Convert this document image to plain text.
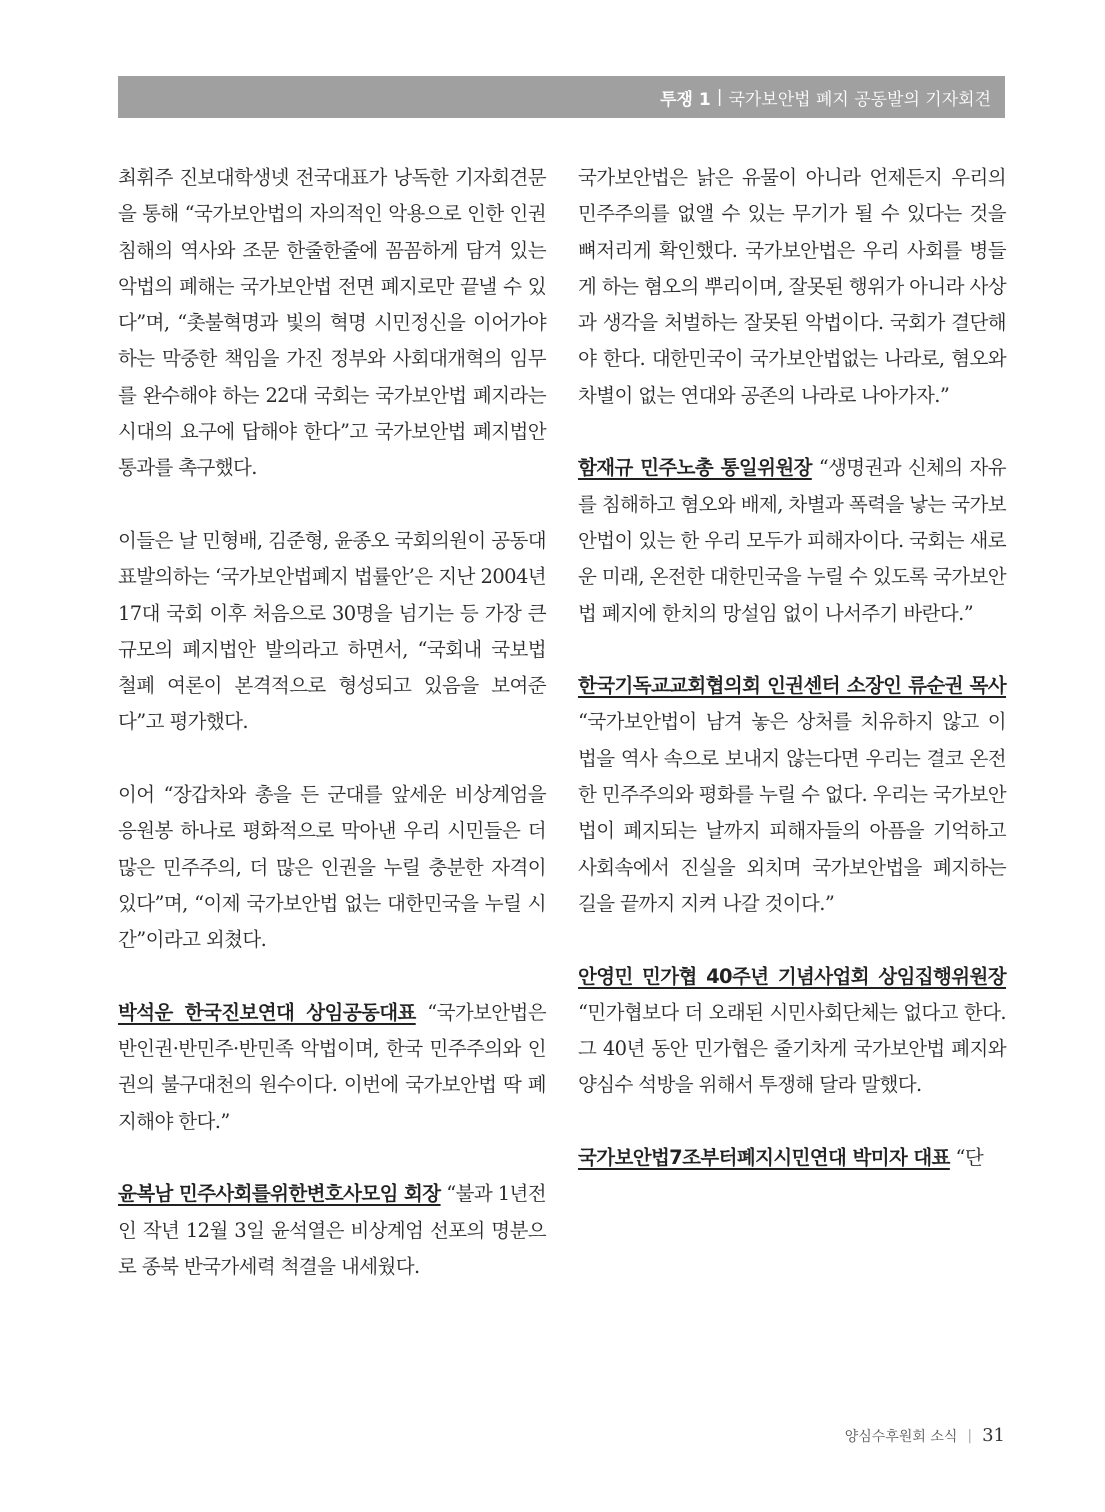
투쟁 1 | 국가보안법 폐지 공동발의 기자회견

최휘주 진보대학생넷 전국대표가 낭독한 기자회견문을 통해 “국가보안법의 자의적인 악용으로 인한 인권침해의 역사와 조문 한줄한줄에 꼼꼼하게 담겨 있는 악법의 폐해는 국가보안법 전면 폐지로만 끝낼 수 있다”며, “촛불혁명과 빛의 혁명 시민정신을 이어가야 하는 막중한 책임을 가진 정부와 사회대개혁의 임무를 완수해야 하는 22대 국회는 국가보안법 폐지라는 시대의 요구에 답해야 한다”고 국가보안법 폐지법안 통과를 촉구했다.

이들은 날 민형배, 김준형, 윤종오 국회의원이 공동대표발의하는 ‘국가보안법폐지 법률안’은 지난 2004년 17대 국회 이후 처음으로 30명을 넘기는 등 가장 큰 규모의 폐지법안 발의라고 하면서, “국회내 국보법 철폐 여론이 본격적으로 형성되고 있음을 보여준다”고 평가했다.

이어 “장갑차와 총을 든 군대를 앞세운 비상계엄을 응원봉 하나로 평화적으로 막아낸 우리 시민들은 더 많은 민주주의, 더 많은 인권을 누릴 충분한 자격이 있다”며, “이제 국가보안법 없는 대한민국을 누릴 시간”이라고 외쳤다.

박석운 한국진보연대 상임공동대표 “국가보안법은 반인권·반민주·반민족 악법이며, 한국 민주주의와 인권의 불구대천의 원수이다. 이번에 국가보안법 딱 폐지해야 한다.”

윤복남 민주사회를위한변호사모임 회장 “불과 1년전인 작년 12월 3일 윤석열은 비상계엄 선포의 명분으로 종북 반국가세력 척결을 내세웠다.

국가보안법은 낡은 유물이 아니라 언제든지 우리의 민주주의를 없앨 수 있는 무기가 될 수 있다는 것을 뼈저리게 확인했다. 국가보안법은 우리 사회를 병들게 하는 혐오의 뿌리이며, 잘못된 행위가 아니라 사상과 생각을 처벌하는 잘못된 악법이다. 국회가 결단해야 한다. 대한민국이 국가보안법없는 나라로, 혐오와 차별이 없는 연대와 공존의 나라로 나아가자.”

함재규 민주노총 통일위원장 “생명권과 신체의 자유를 침해하고 혐오와 배제, 차별과 폭력을 낳는 국가보안법이 있는 한 우리 모두가 피해자이다. 국회는 새로운 미래, 온전한 대한민국을 누릴 수 있도록 국가보안법 폐지에 한치의 망설임 없이 나서주기 바란다.”

한국기독교교회협의회 인권센터 소장인 류순권 목사 “국가보안법이 남겨 놓은 상처를 치유하지 않고 이 법을 역사 속으로 보내지 않는다면 우리는 결코 온전한 민주주의와 평화를 누릴 수 없다. 우리는 국가보안법이 폐지되는 날까지 피해자들의 아픔을 기억하고 사회속에서 진실을 외치며 국가보안법을 폐지하는 길을 끝까지 지켜 나갈 것이다.”

안영민 민가협 40주년 기념사업회 상임집행위원장 “민가협보다 더 오래된 시민사회단체는 없다고 한다. 그 40년 동안 민가협은 줄기차게 국가보안법 폐지와 양심수 석방을 위해서 투쟁해 달라 말했다.

국가보안법7조부터폐지시민연대 박미자 대표 “단

양심수후원회 소식 | 31
